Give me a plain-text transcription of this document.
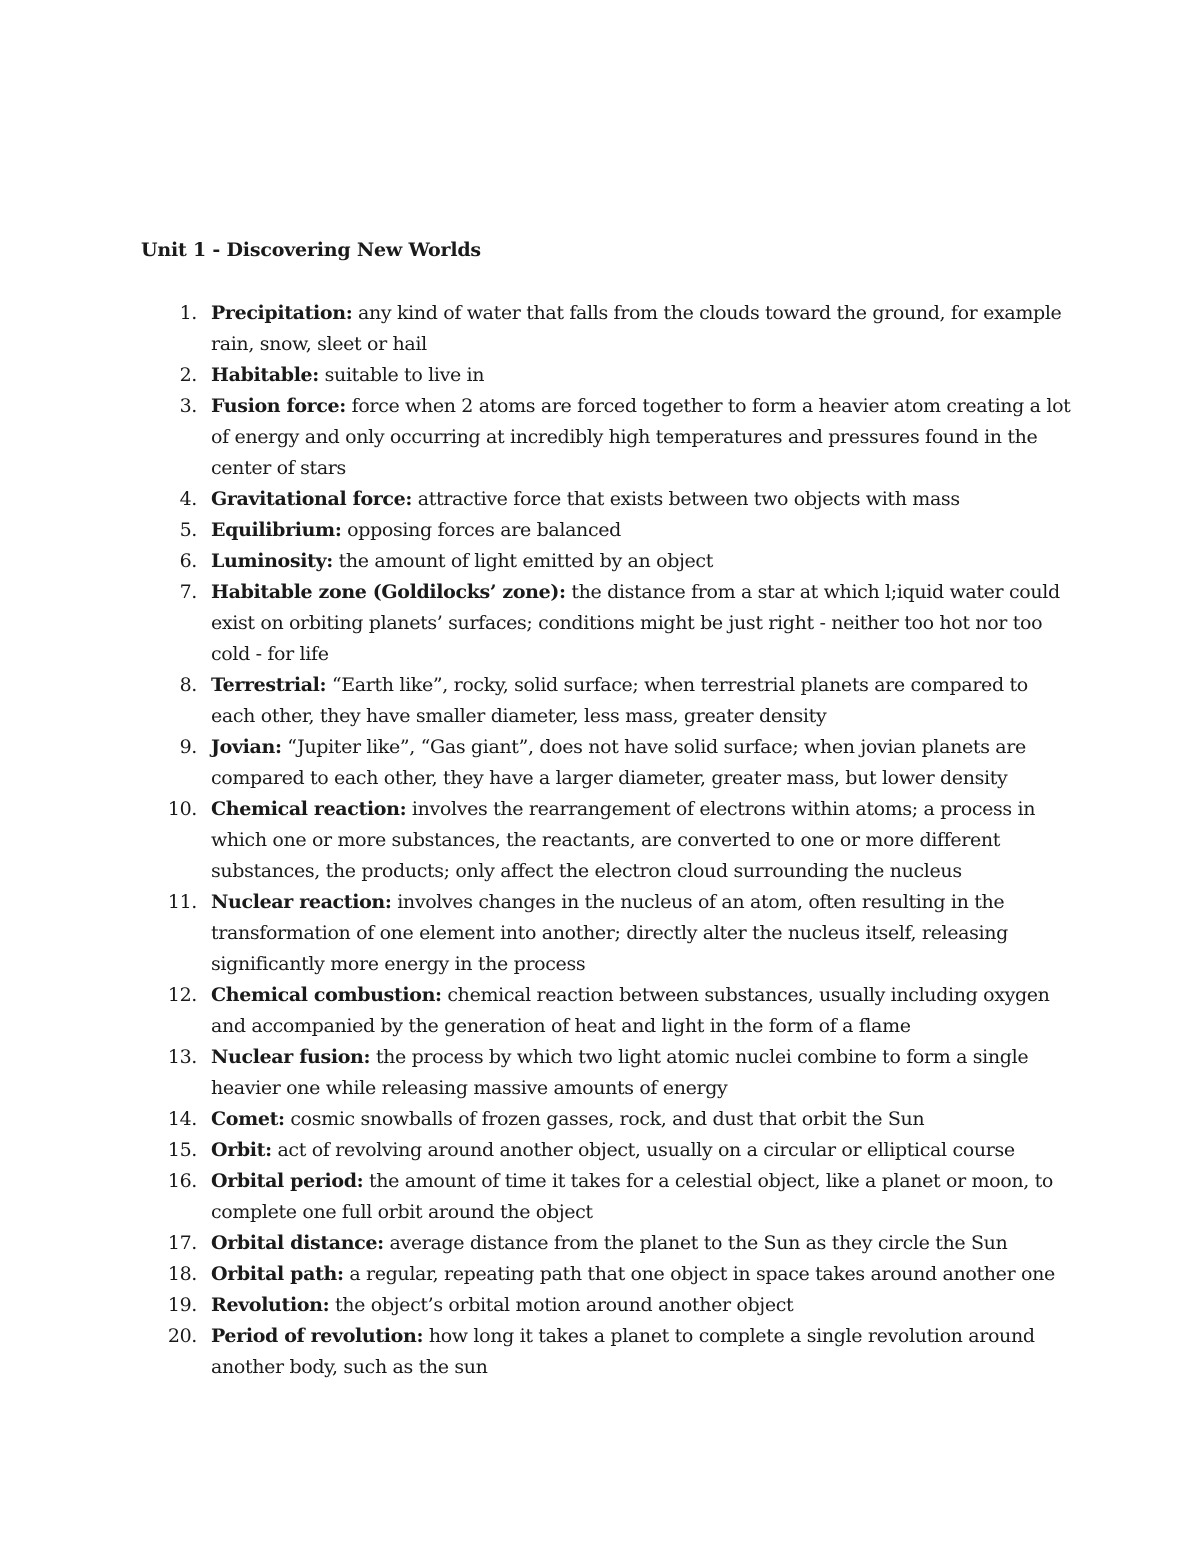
Unit 1 - Discovering New Worlds
1. Precipitation: any kind of water that falls from the clouds toward the ground, for example rain, snow, sleet or hail
2. Habitable: suitable to live in
3. Fusion force: force when 2 atoms are forced together to form a heavier atom creating a lot of energy and only occurring at incredibly high temperatures and pressures found in the center of stars
4. Gravitational force: attractive force that exists between two objects with mass
5. Equilibrium: opposing forces are balanced
6. Luminosity: the amount of light emitted by an object
7. Habitable zone (Goldilocks’ zone): the distance from a star at which l;iquid water could exist on orbiting planets’ surfaces; conditions might be just right - neither too hot nor too cold - for life
8. Terrestrial: “Earth like”, rocky, solid surface; when terrestrial planets are compared to each other, they have smaller diameter, less mass, greater density
9. Jovian: “Jupiter like”, “Gas giant”, does not have solid surface; when jovian planets are compared to each other, they have a larger diameter, greater mass, but lower density
10. Chemical reaction: involves the rearrangement of electrons within atoms; a process in which one or more substances, the reactants, are converted to one or more different substances, the products; only affect the electron cloud surrounding the nucleus
11. Nuclear reaction: involves changes in the nucleus of an atom, often resulting in the transformation of one element into another; directly alter the nucleus itself, releasing significantly more energy in the process
12. Chemical combustion: chemical reaction between substances, usually including oxygen and accompanied by the generation of heat and light in the form of a flame
13. Nuclear fusion: the process by which two light atomic nuclei combine to form a single heavier one while releasing massive amounts of energy
14. Comet: cosmic snowballs of frozen gasses, rock, and dust that orbit the Sun
15. Orbit: act of revolving around another object, usually on a circular or elliptical course
16. Orbital period: the amount of time it takes for a celestial object, like a planet or moon, to complete one full orbit around the object
17. Orbital distance: average distance from the planet to the Sun as they circle the Sun
18. Orbital path: a regular, repeating path that one object in space takes around another one
19. Revolution: the object’s orbital motion around another object
20. Period of revolution: how long it takes a planet to complete a single revolution around another body, such as the sun
